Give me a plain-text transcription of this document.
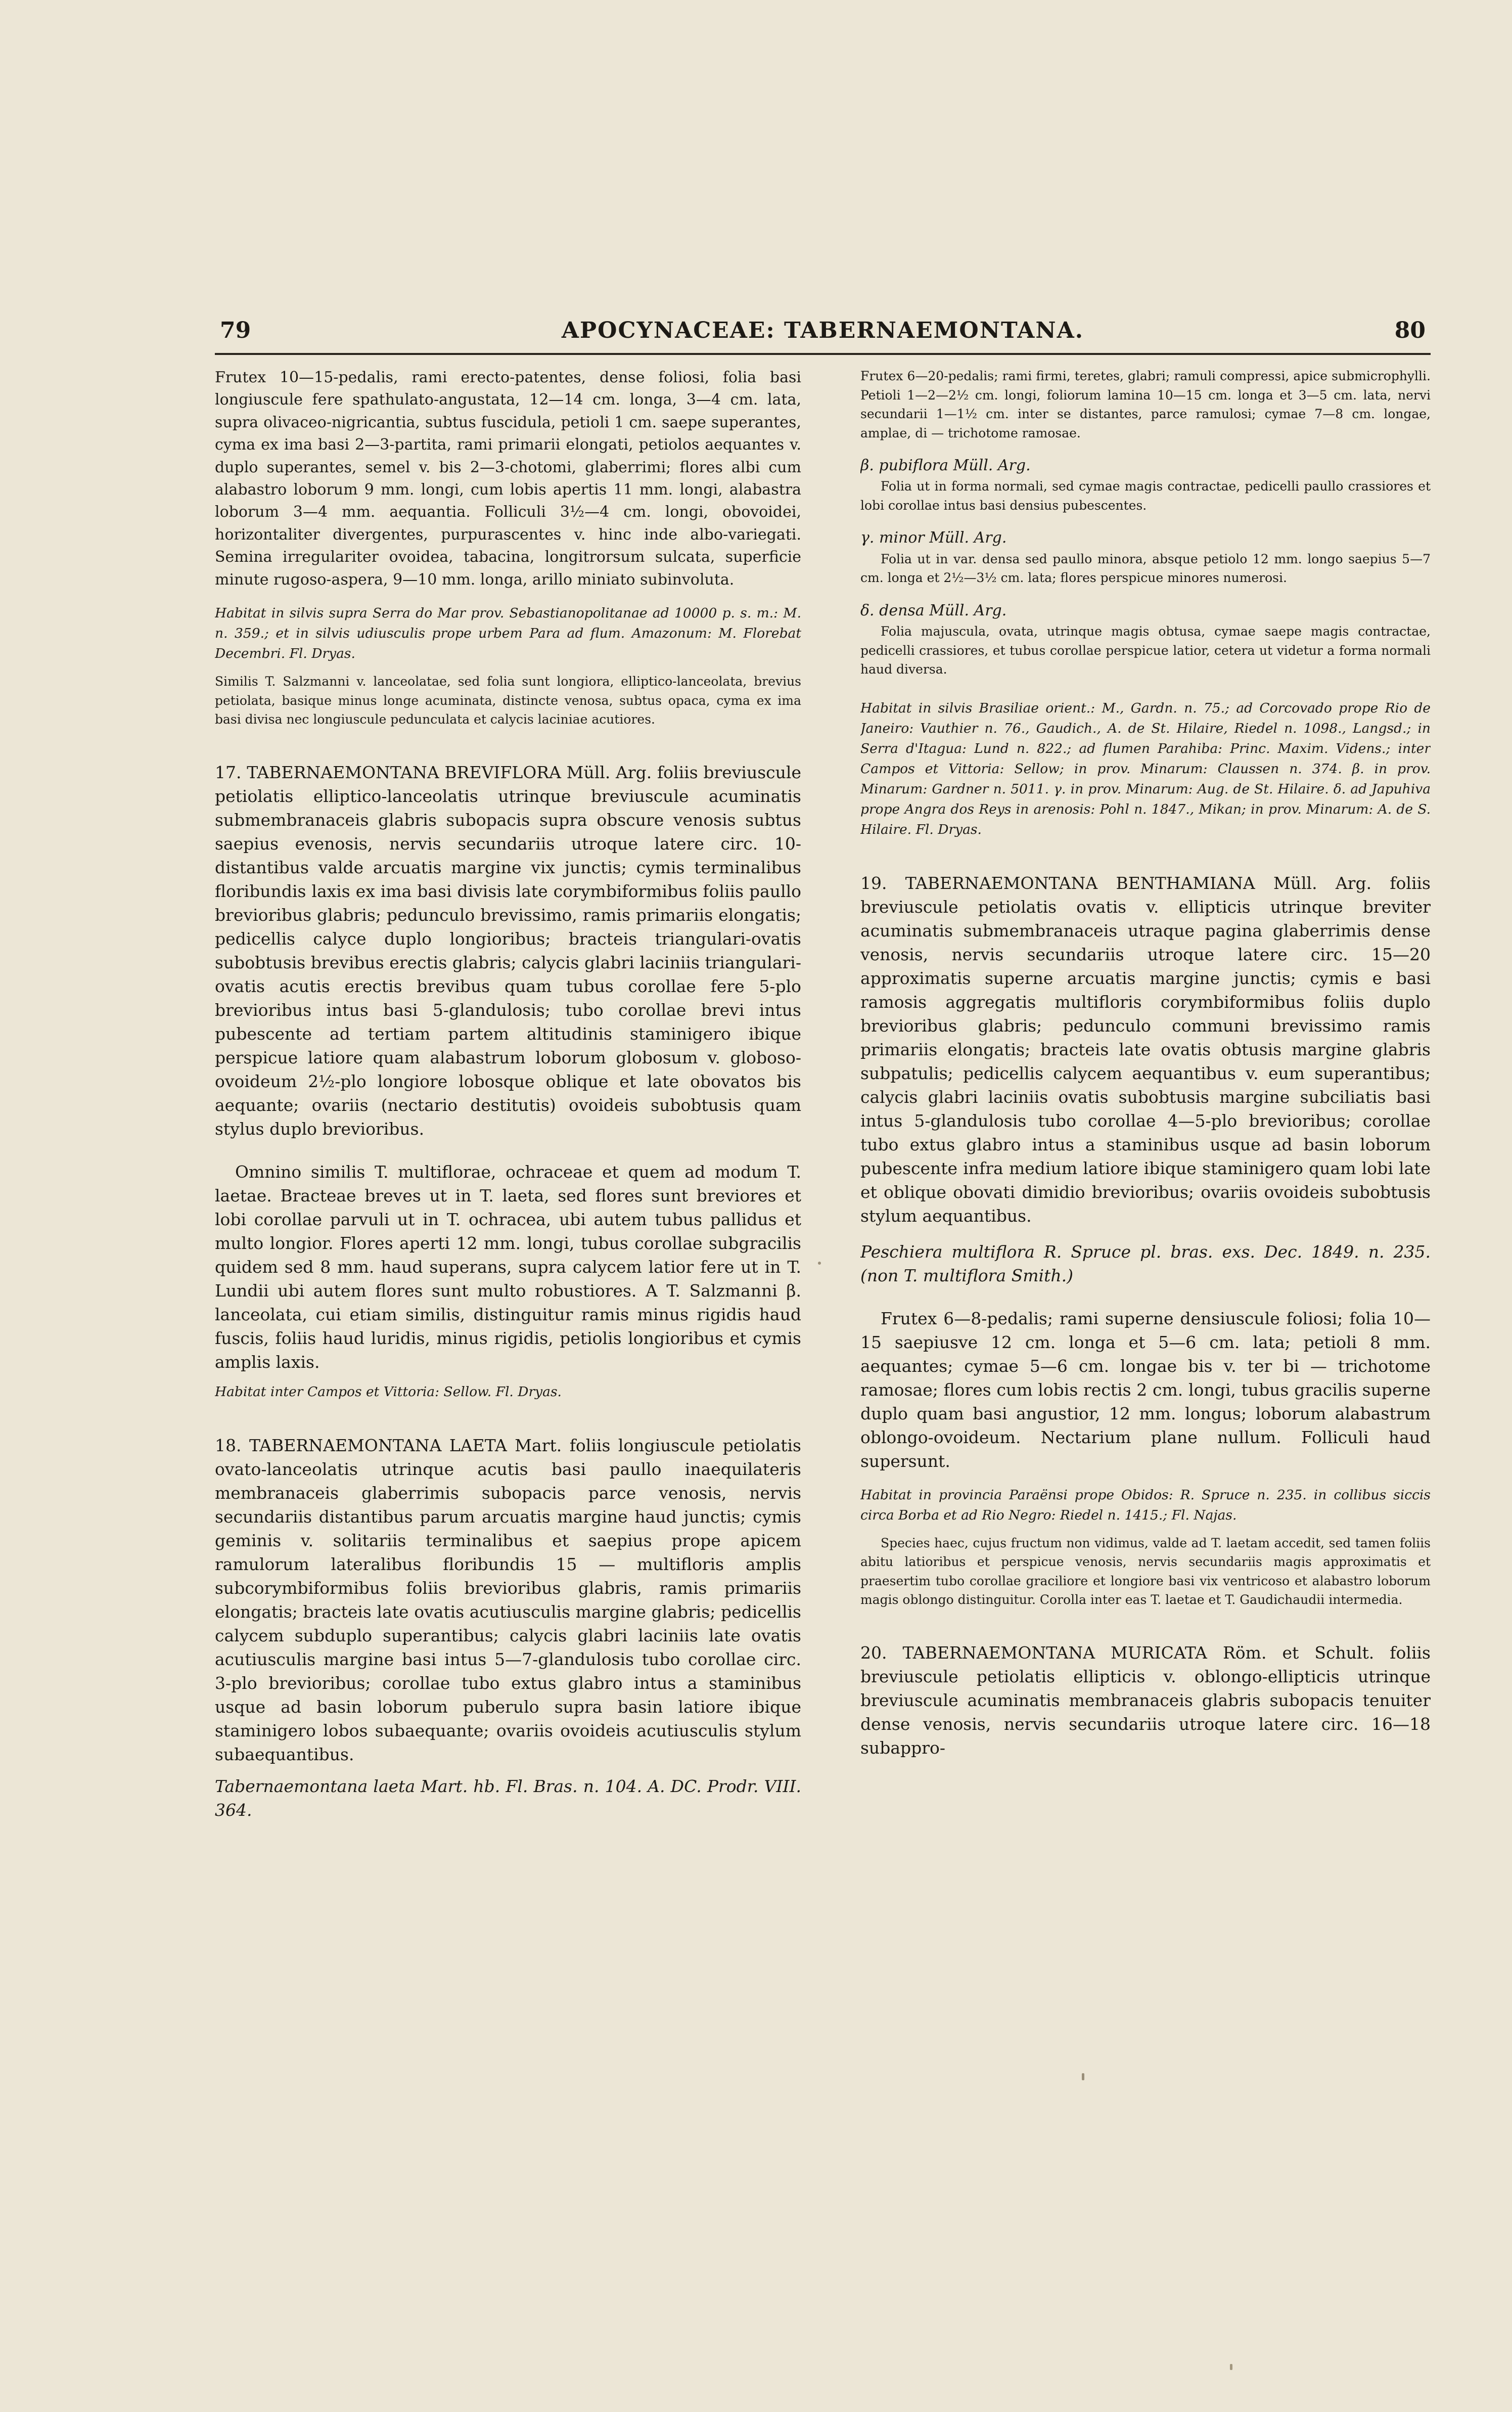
79	APOCYNACEAE: TABERNAEMONTANA.	80

Frutex 10—15-pedalis, rami erecto-patentes, dense foliosi, folia basi longiuscule fere spathulato-angustata, 12—14 cm. longa, 3—4 cm. lata, supra olivaceo-nigricantia, subtus fuscidula, petioli 1 cm. saepe superantes, cyma ex ima basi 2—3-partita, rami primarii elongati, petiolos aequantes v. duplo superantes, semel v. bis 2—3-chotomi, glaberrimi; flores albi cum alabastro loborum 9 mm. longi, cum lobis apertis 11 mm. longi, alabastra loborum 3—4 mm. aequantia. Folliculi 3½—4 cm. longi, obovoidei, horizontaliter divergentes, purpurascentes v. hinc inde albo-variegati. Semina irregulariter ovoidea, tabacina, longitrorsum sulcata, superficie minute rugoso-aspera, 9—10 mm. longa, arillo miniato subinvoluta.

Habitat in silvis supra Serra do Mar prov. Sebastianopolitanae ad 10000 p. s. m.: M. n. 359.; et in silvis udiusculis prope urbem Para ad flum. Amazonum: M. Florebat Decembri. Fl. Dryas.

Similis T. Salzmanni v. lanceolatae, sed folia sunt longiora, elliptico-lanceolata, brevius petiolata, basique minus longe acuminata, distincte venosa, subtus opaca, cyma ex ima basi divisa nec longiuscule pedunculata et calycis laciniae acutiores.

17. TABERNAEMONTANA BREVIFLORA Müll. Arg. foliis breviuscule petiolatis elliptico-lanceolatis utrinque breviuscule acuminatis submembranaceis glabris subopacis supra obscure venosis subtus saepius evenosis, nervis secundariis utroque latere circ. 10-distantibus valde arcuatis margine vix junctis; cymis terminalibus floribundis laxis ex ima basi divisis late corymbiformibus foliis paullo brevioribus glabris; pedunculo brevissimo, ramis primariis elongatis; pedicellis calyce duplo longioribus; bracteis triangulari-ovatis subobtusis brevibus erectis glabris; calycis glabri laciniis triangulari-ovatis acutis erectis brevibus quam tubus corollae fere 5-plo brevioribus intus basi 5-glandulosis; tubo corollae brevi intus pubescente ad tertiam partem altitudinis staminigero ibique perspicue latiore quam alabastrum loborum globosum v. globoso-ovoideum 2½-plo longiore lobosque oblique et late obovatos bis aequante; ovariis (nectario destitutis) ovoideis subobtusis quam stylus duplo brevioribus.

Omnino similis T. multiflorae, ochraceae et quem ad modum T. laetae. Bracteae breves ut in T. laeta, sed flores sunt breviores et lobi corollae parvuli ut in T. ochracea, ubi autem tubus pallidus et multo longior. Flores aperti 12 mm. longi, tubus corollae subgracilis quidem sed 8 mm. haud superans, supra calycem latior fere ut in T. Lundii ubi autem flores sunt multo robustiores. A T. Salzmanni β. lanceolata, cui etiam similis, distinguitur ramis minus rigidis haud fuscis, foliis haud luridis, minus rigidis, petiolis longioribus et cymis amplis laxis.

Habitat inter Campos et Vittoria: Sellow. Fl. Dryas.

18. TABERNAEMONTANA LAETA Mart. foliis longiuscule petiolatis ovato-lanceolatis utrinque acutis basi paullo inaequilateris membranaceis glaberrimis subopacis parce venosis, nervis secundariis distantibus parum arcuatis margine haud junctis; cymis geminis v. solitariis terminalibus et saepius prope apicem ramulorum lateralibus floribundis 15 — multifloris amplis subcorymbiformibus foliis brevioribus glabris, ramis primariis elongatis; bracteis late ovatis acutiusculis margine glabris; pedicellis calycem subduplo superantibus; calycis glabri laciniis late ovatis acutiusculis margine basi intus 5—7-glandulosis tubo corollae circ. 3-plo brevioribus; corollae tubo extus glabro intus a staminibus usque ad basin loborum puberulo supra basin latiore ibique staminigero lobos subaequante; ovariis ovoideis acutiusculis stylum subaequantibus.

Tabernaemontana laeta Mart. hb. Fl. Bras. n. 104. A. DC. Prodr. VIII. 364.

Frutex 6—20-pedalis; rami firmi, teretes, glabri; ramuli compressi, apice submicrophylli. Petioli 1—2—2½ cm. longi, foliorum lamina 10—15 cm. longa et 3—5 cm. lata, nervi secundarii 1—1½ cm. inter se distantes, parce ramulosi; cymae 7—8 cm. longae, amplae, di — trichotome ramosae.

β. pubiflora Müll. Arg.

Folia ut in forma normali, sed cymae magis contractae, pedicelli paullo crassiores et lobi corollae intus basi densius pubescentes.

γ. minor Müll. Arg.

Folia ut in var. densa sed paullo minora, absque petiolo 12 mm. longo saepius 5—7 cm. longa et 2½—3½ cm. lata; flores perspicue minores numerosi.

δ. densa Müll. Arg.

Folia majuscula, ovata, utrinque magis obtusa, cymae saepe magis contractae, pedicelli crassiores, et tubus corollae perspicue latior, cetera ut videtur a forma normali haud diversa.

Habitat in silvis Brasiliae orient.: M., Gardn. n. 75.; ad Corcovado prope Rio de Janeiro: Vauthier n. 76., Gaudich., A. de St. Hilaire, Riedel n. 1098., Langsd.; in Serra d'Itagua: Lund n. 822.; ad flumen Parahiba: Princ. Maxim. Videns.; inter Campos et Vittoria: Sellow; in prov. Minarum: Claussen n. 374. β. in prov. Minarum: Gardner n. 5011. γ. in prov. Minarum: Aug. de St. Hilaire. δ. ad Japuhiva prope Angra dos Reys in arenosis: Pohl n. 1847., Mikan; in prov. Minarum: A. de S. Hilaire. Fl. Dryas.

19. TABERNAEMONTANA BENTHAMIANA Müll. Arg. foliis breviuscule petiolatis ovatis v. ellipticis utrinque breviter acuminatis submembranaceis utraque pagina glaberrimis dense venosis, nervis secundariis utroque latere circ. 15—20 approximatis superne arcuatis margine junctis; cymis e basi ramosis aggregatis multifloris corymbiformibus foliis duplo brevioribus glabris; pedunculo communi brevissimo ramis primariis elongatis; bracteis late ovatis obtusis margine glabris subpatulis; pedicellis calycem aequantibus v. eum superantibus; calycis glabri laciniis ovatis subobtusis margine subciliatis basi intus 5-glandulosis tubo corollae 4—5-plo brevioribus; corollae tubo extus glabro intus a staminibus usque ad basin loborum pubescente infra medium latiore ibique staminigero quam lobi late et oblique obovati dimidio brevioribus; ovariis ovoideis subobtusis stylum aequantibus.

Peschiera multiflora R. Spruce pl. bras. exs. Dec. 1849. n. 235. (non T. multiflora Smith.)

Frutex 6—8-pedalis; rami superne densiuscule foliosi; folia 10—15 saepiusve 12 cm. longa et 5—6 cm. lata; petioli 8 mm. aequantes; cymae 5—6 cm. longae bis v. ter bi — trichotome ramosae; flores cum lobis rectis 2 cm. longi, tubus gracilis superne duplo quam basi angustior, 12 mm. longus; loborum alabastrum oblongo-ovoideum. Nectarium plane nullum. Folliculi haud supersunt.

Habitat in provincia Paraënsi prope Obidos: R. Spruce n. 235. in collibus siccis circa Borba et ad Rio Negro: Riedel n. 1415.; Fl. Najas.

Species haec, cujus fructum non vidimus, valde ad T. laetam accedit, sed tamen foliis abitu latioribus et perspicue venosis, nervis secundariis magis approximatis et praesertim tubo corollae graciliore et longiore basi vix ventricoso et alabastro loborum magis oblongo distinguitur. Corolla inter eas T. laetae et T. Gaudichaudii intermedia.

20. TABERNAEMONTANA MURICATA Röm. et Schult. foliis breviuscule petiolatis ellipticis v. oblongo-ellipticis utrinque breviuscule acuminatis membranaceis glabris subopacis tenuiter dense venosis, nervis secundariis utroque latere circ. 16—18 subappro-
